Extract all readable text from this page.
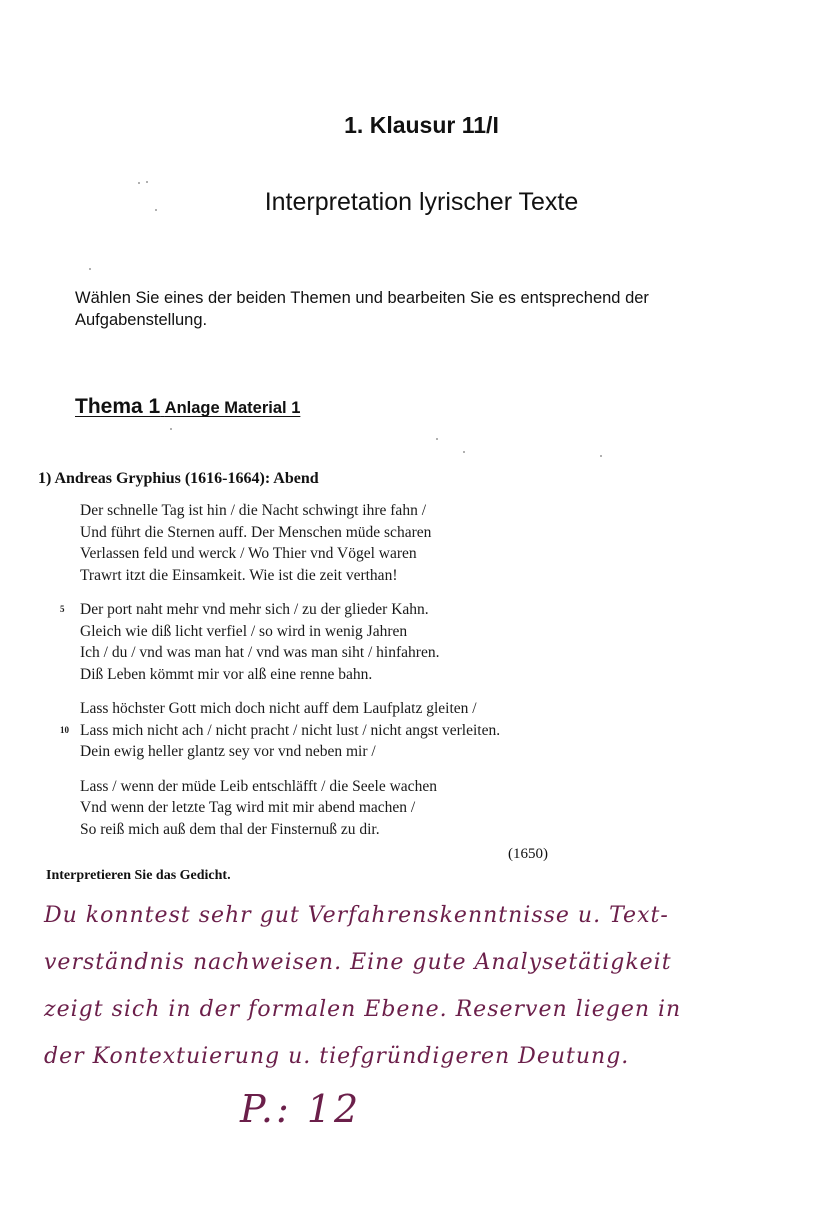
1. Klausur 11/I
Interpretation lyrischer Texte
Wählen Sie eines der beiden Themen und bearbeiten Sie es entsprechend der Aufgabenstellung.
Thema 1 Anlage Material 1
1) Andreas Gryphius (1616-1664): Abend
Der schnelle Tag ist hin / die Nacht schwingt ihre fahn /
Und führt die Sternen auff. Der Menschen müde scharen
Verlassen feld und werck / Wo Thier vnd Vögel waren
Trawrt itzt die Einsamkeit. Wie ist die zeit verthan!
5 Der port naht mehr vnd mehr sich / zu der glieder Kahn.
Gleich wie diß licht verfiel / so wird in wenig Jahren
Ich / du / vnd was man hat / vnd was man siht / hinfahren.
Diß Leben kömmt mir vor alß eine renne bahn.
Lass höchster Gott mich doch nicht auff dem Laufplatz gleiten /
10 Lass mich nicht ach / nicht pracht / nicht lust / nicht angst verleiten.
Dein ewig heller glantz sey vor vnd neben mir /
Lass / wenn der müde Leib entschläfft / die Seele wachen
Vnd wenn der letzte Tag wird mit mir abend machen /
So reiß mich auß dem thal der Finsternuß zu dir.
(1650)
Interpretieren Sie das Gedicht.
Du konntest sehr gut Verfahrenskenntnisse u. Text-
verständnis nachweisen. Eine gute Analysetätigkeit
zeigt sich in der formalen Ebene. Reserven liegen in
der Kontextuierung u. tiefgründigeren Deutung.
P.: 12
